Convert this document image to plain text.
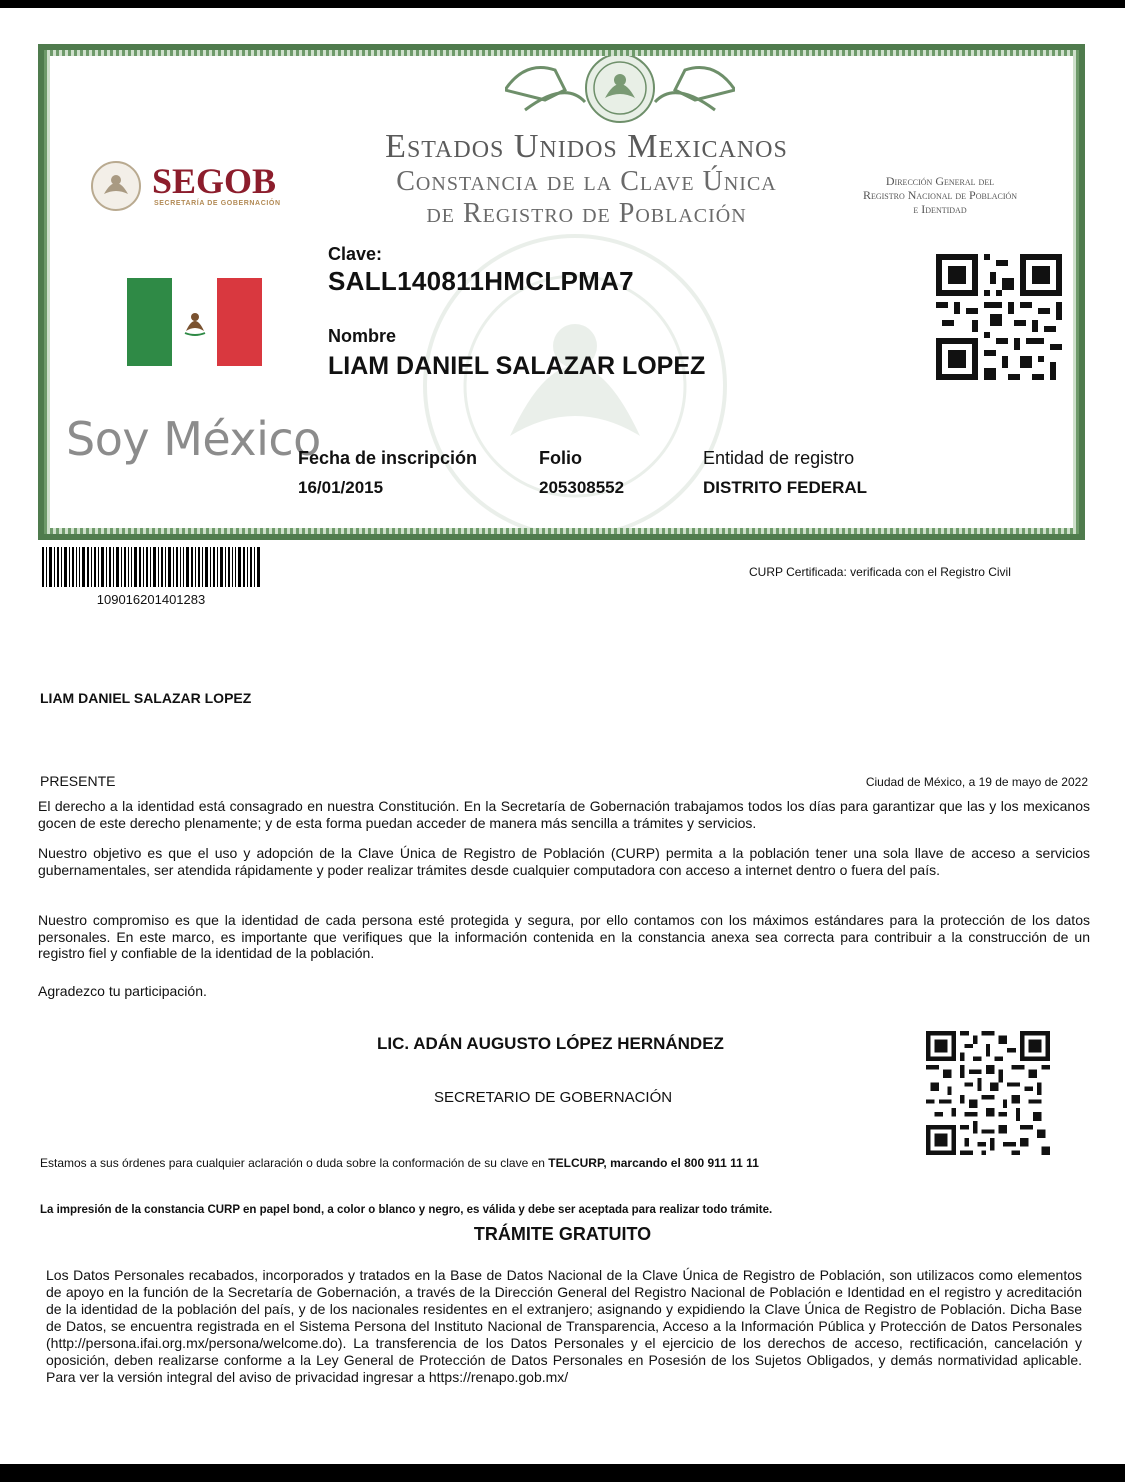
Estados Unidos Mexicanos
Constancia de la Clave Única
de Registro de Población
Dirección General del
Registro Nacional de Población
e Identidad
SEGOB
SECRETARÍA DE GOBERNACIÓN
Soy México
Clave:
SALL140811HMCLPMA7
Nombre
LIAM DANIEL SALAZAR LOPEZ
Fecha de inscripción
16/01/2015
Folio
205308552
Entidad de registro
DISTRITO FEDERAL
109016201401283
CURP Certificada: verificada con el Registro Civil
LIAM DANIEL SALAZAR LOPEZ
PRESENTE	Ciudad de México, a 19 de mayo de 2022
El derecho a la identidad está consagrado en nuestra Constitución. En la Secretaría de Gobernación trabajamos todos los días para garantizar que las y los mexicanos gocen de este derecho plenamente; y de esta forma puedan acceder de manera más sencilla a trámites y servicios.
Nuestro objetivo es que el uso y adopción de la Clave Única de Registro de Población (CURP) permita a la población tener una sola llave de acceso a servicios gubernamentales, ser atendida rápidamente y poder realizar trámites desde cualquier computadora con acceso a internet dentro o fuera del país.
Nuestro compromiso es que la identidad de cada persona esté protegida y segura, por ello contamos con los máximos estándares para la protección de los datos personales. En este marco, es importante que verifiques que la información contenida en la constancia anexa sea correcta para contribuir a la construcción de un registro fiel y confiable de la identidad de la población.
Agradezco tu participación.
LIC. ADÁN AUGUSTO LÓPEZ HERNÁNDEZ
SECRETARIO DE GOBERNACIÓN
Estamos a sus órdenes para cualquier aclaración o duda sobre la conformación de su clave en TELCURP, marcando el 800 911 11 11
La impresión de la constancia CURP en papel bond, a color o blanco y negro, es válida y debe ser aceptada para realizar todo trámite.
TRÁMITE GRATUITO
Los Datos Personales recabados, incorporados y tratados en la Base de Datos Nacional de la Clave Única de Registro de Población, son utilizacos como elementos de apoyo en la función de la Secretaría de Gobernación, a través de la Dirección General del Registro Nacional de Población e Identidad en el registro y acreditación de la identidad de la población del país, y de los nacionales residentes en el extranjero; asignando y expidiendo la Clave Única de Registro de Población. Dicha Base de Datos, se encuentra registrada en el Sistema Persona del Instituto Nacional de Transparencia, Acceso a la Información Pública y Protección de Datos Personales (http://persona.ifai.org.mx/persona/welcome.do). La transferencia de los Datos Personales y el ejercicio de los derechos de acceso, rectificación, cancelación y oposición, deben realizarse conforme a la Ley General de Protección de Datos Personales en Posesión de los Sujetos Obligados, y demás normatividad aplicable. Para ver la versión integral del aviso de privacidad ingresar a https://renapo.gob.mx/
